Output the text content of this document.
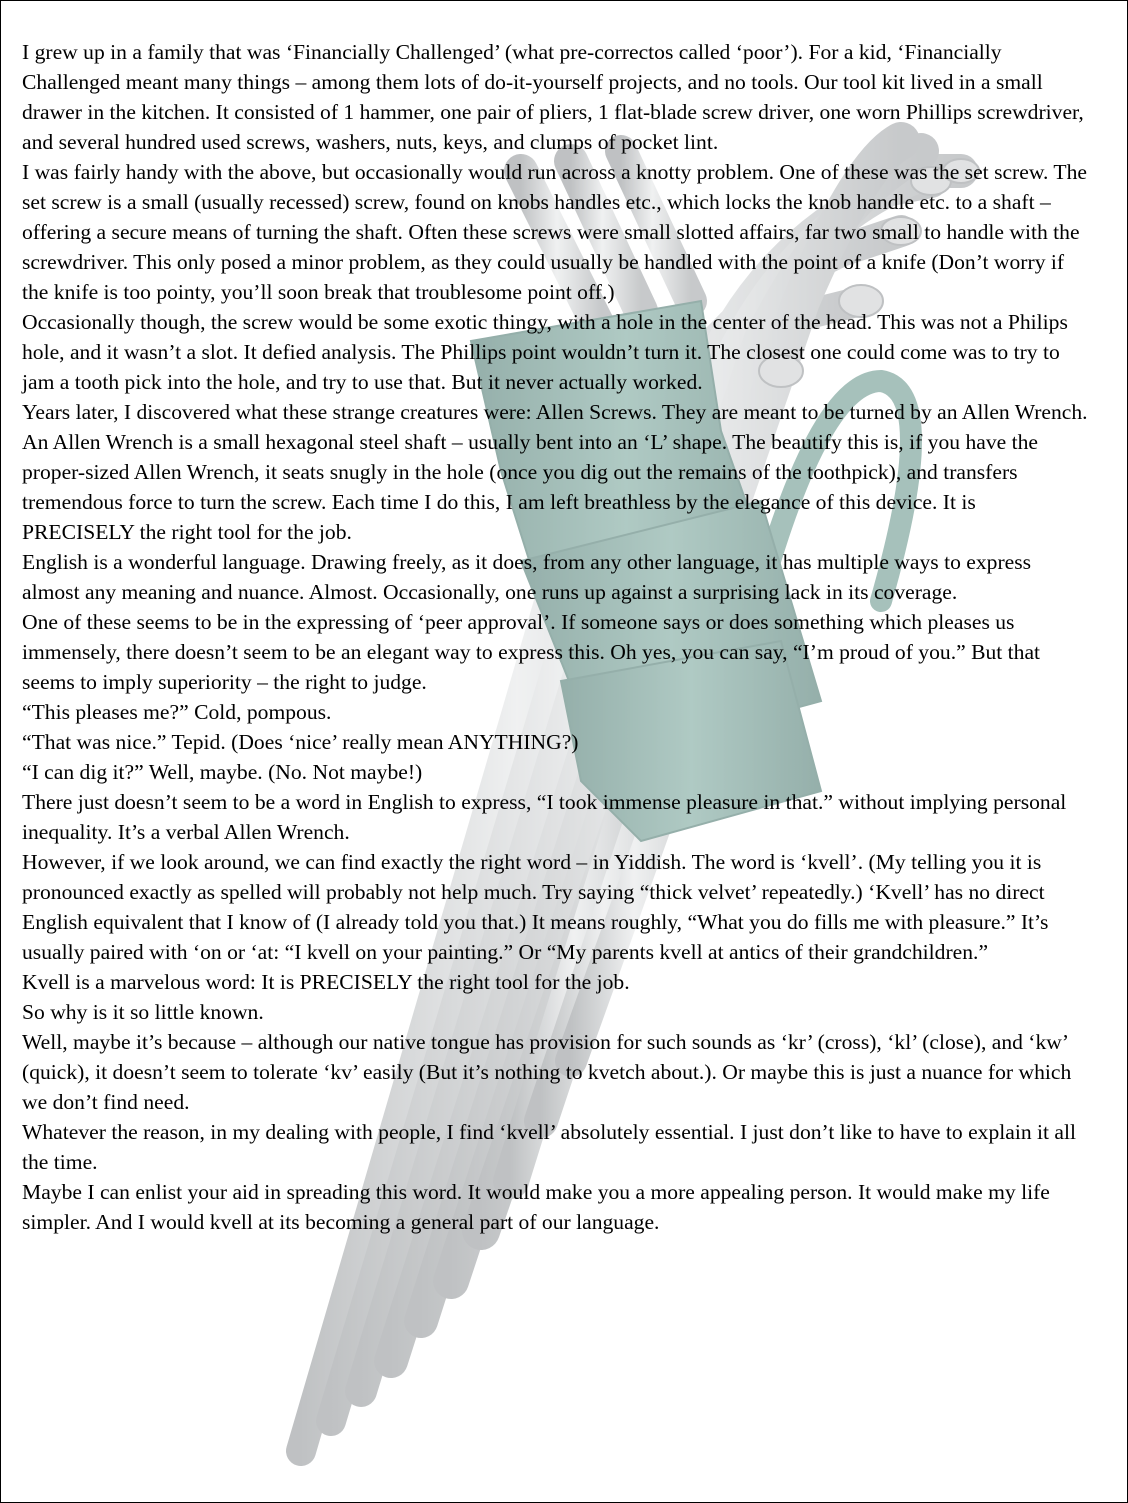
I grew up in a family that was ‘Financially Challenged’ (what pre-correctos called ‘poor’). For a kid, ‘Financially Challenged meant many things – among them lots of do-it-yourself projects, and no tools. Our tool kit lived in a small drawer in the kitchen. It consisted of 1 hammer, one pair of pliers, 1 flat-blade screw driver, one worn Phillips screwdriver, and several hundred used screws, washers, nuts, keys, and clumps of pocket lint.

I was fairly handy with the above, but occasionally would run across a knotty problem. One of these was the set screw. The set screw is a small (usually recessed) screw, found on knobs handles etc., which locks the knob handle etc. to a shaft – offering a secure means of turning the shaft. Often these screws were small slotted affairs, far two small to handle with the screwdriver. This only posed a minor problem, as they could usually be handled with the point of a knife (Don’t worry if the knife is too pointy, you’ll soon break that troublesome point off.)

Occasionally though, the screw would be some exotic thingy, with a hole in the center of the head. This was not a Philips hole, and it wasn’t a slot. It defied analysis. The Phillips point wouldn’t turn it. The closest one could come was to try to jam a tooth pick into the hole, and try to use that. But it never actually worked.

Years later, I discovered what these strange creatures were: Allen Screws. They are meant to be turned by an Allen Wrench. An Allen Wrench is a small hexagonal steel shaft – usually bent into an ‘L’ shape. The beautify this is, if you have the proper-sized Allen Wrench, it seats snugly in the hole (once you dig out the remains of the toothpick), and transfers tremendous force to turn the screw. Each time I do this, I am left breathless by the elegance of this device. It is PRECISELY the right tool for the job.

English is a wonderful language. Drawing freely, as it does, from any other language, it has multiple ways to express almost any meaning and nuance. Almost. Occasionally, one runs up against a surprising lack in its coverage.

One of these seems to be in the expressing of ‘peer approval’. If someone says or does something which pleases us immensely, there doesn’t seem to be an elegant way to express this. Oh yes, you can say, “I’m proud of you.” But that seems to imply superiority – the right to judge.

“This pleases me?” Cold, pompous.

“That was nice.” Tepid. (Does ‘nice’ really mean ANYTHING?)

“I can dig it?” Well, maybe. (No. Not maybe!)

There just doesn’t seem to be a word in English to express, “I took immense pleasure in that.” without implying personal inequality. It’s a verbal Allen Wrench.

However, if we look around, we can find exactly the right word – in Yiddish. The word is ‘kvell’. (My telling you it is pronounced exactly as spelled will probably not help much. Try saying “thick velvet’ repeatedly.) ‘Kvell’ has no direct English equivalent that I know of (I already told you that.) It means roughly, “What you do fills me with pleasure.” It’s usually paired with ‘on or ‘at: “I kvell on your painting.” Or “My parents kvell at antics of their grandchildren.”

Kvell is a marvelous word: It is PRECISELY the right tool for the job.

So why is it so little known.

Well, maybe it’s because – although our native tongue has provision for such sounds as ‘kr’ (cross), ‘kl’ (close), and ‘kw’ (quick), it doesn’t seem to tolerate ‘kv’ easily (But it’s nothing to kvetch about.). Or maybe this is just a nuance for which we don’t find need.

Whatever the reason, in my dealing with people, I find ‘kvell’ absolutely essential. I just don’t like to have to explain it all the time.

Maybe I can enlist your aid in spreading this word. It would make you a more appealing person. It would make my life simpler. And I would kvell at its becoming a general part of our language.
